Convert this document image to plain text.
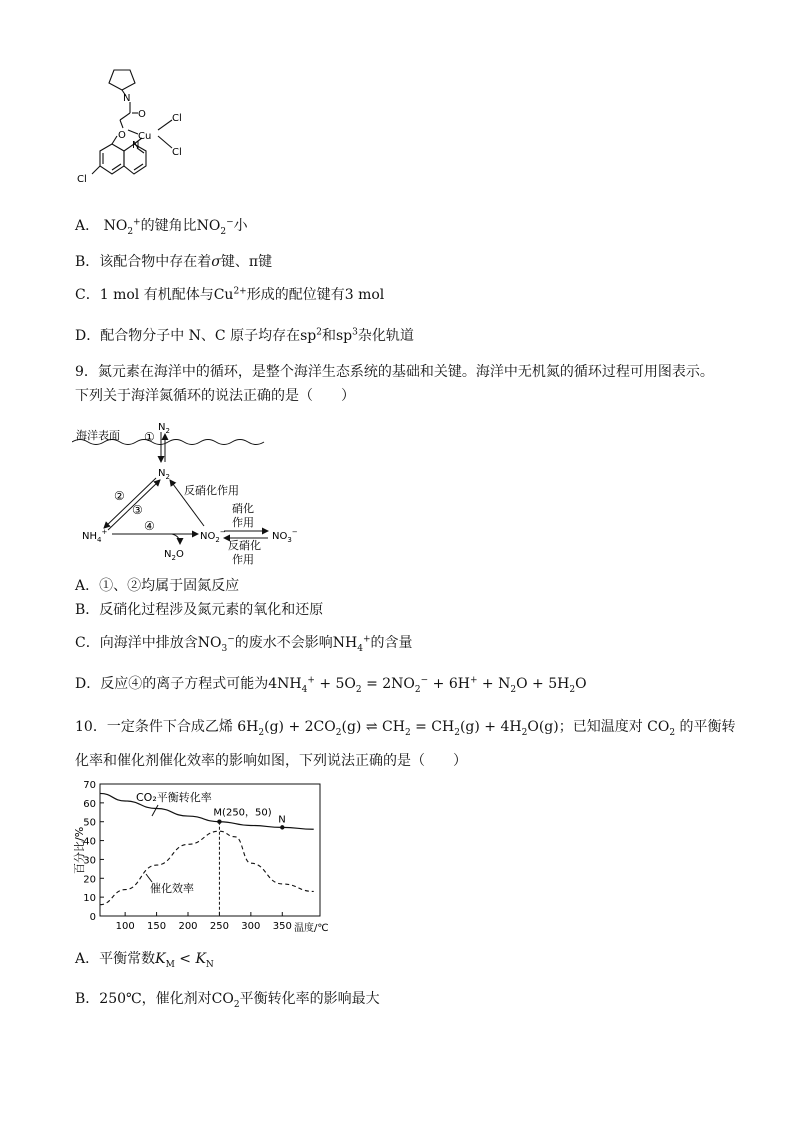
N
O
O Cu
Cl
Cl
N
Cl
A． $NO_2^+$的键角比$NO_2^-$小
B．该配合物中存在着σ键、π键
C．1 mol 有机配体与$Cu^{2+}$形成的配位键有3 mol
D．配合物分子中 N、C 原子均存在$sp^2$和$sp^3$杂化轨道
9．氮元素在海洋中的循环，是整个海洋生态系统的基础和关键。海洋中无机氮的循环过程可用图表示。下列关于海洋氮循环的说法正确的是（　　）
$N_2$
海洋表面 ①
$N_2$
反硝化作用
②
③
④
$NH_4^+$	$NO_2^-$
$N_2O$
硝化
作用
$NO_3^-$
反硝化
作用
A．①、②均属于固氮反应
B．反硝化过程涉及氮元素的氧化和还原
C．向海洋中排放含$NO_3^-$的废水不会影响$NH_4^+$的含量
D．反应④的离子方程式可能为$4NH_4^+ + 5O_2 = 2NO_2^- + 6H^+ + N_2O + 5H_2O$
10．一定条件下合成乙烯 $6H_2(g) + 2CO_2(g)$ ⇌ $CH_2 = CH_2(g) + 4H_2O(g)$；已知温度对 $CO_2$ 的平衡转
化率和催化剂催化效率的影响如图，下列说法正确的是（　　）
0
10
20
30
40
50
60
70
100 150 200 250 300 350
百分比/%
温度/℃
CO₂平衡转化率
催化效率
M(250，50)
N
A．平衡常数$K_M < K_N$
B．250℃，催化剂对$CO_2$平衡转化率的影响最大
